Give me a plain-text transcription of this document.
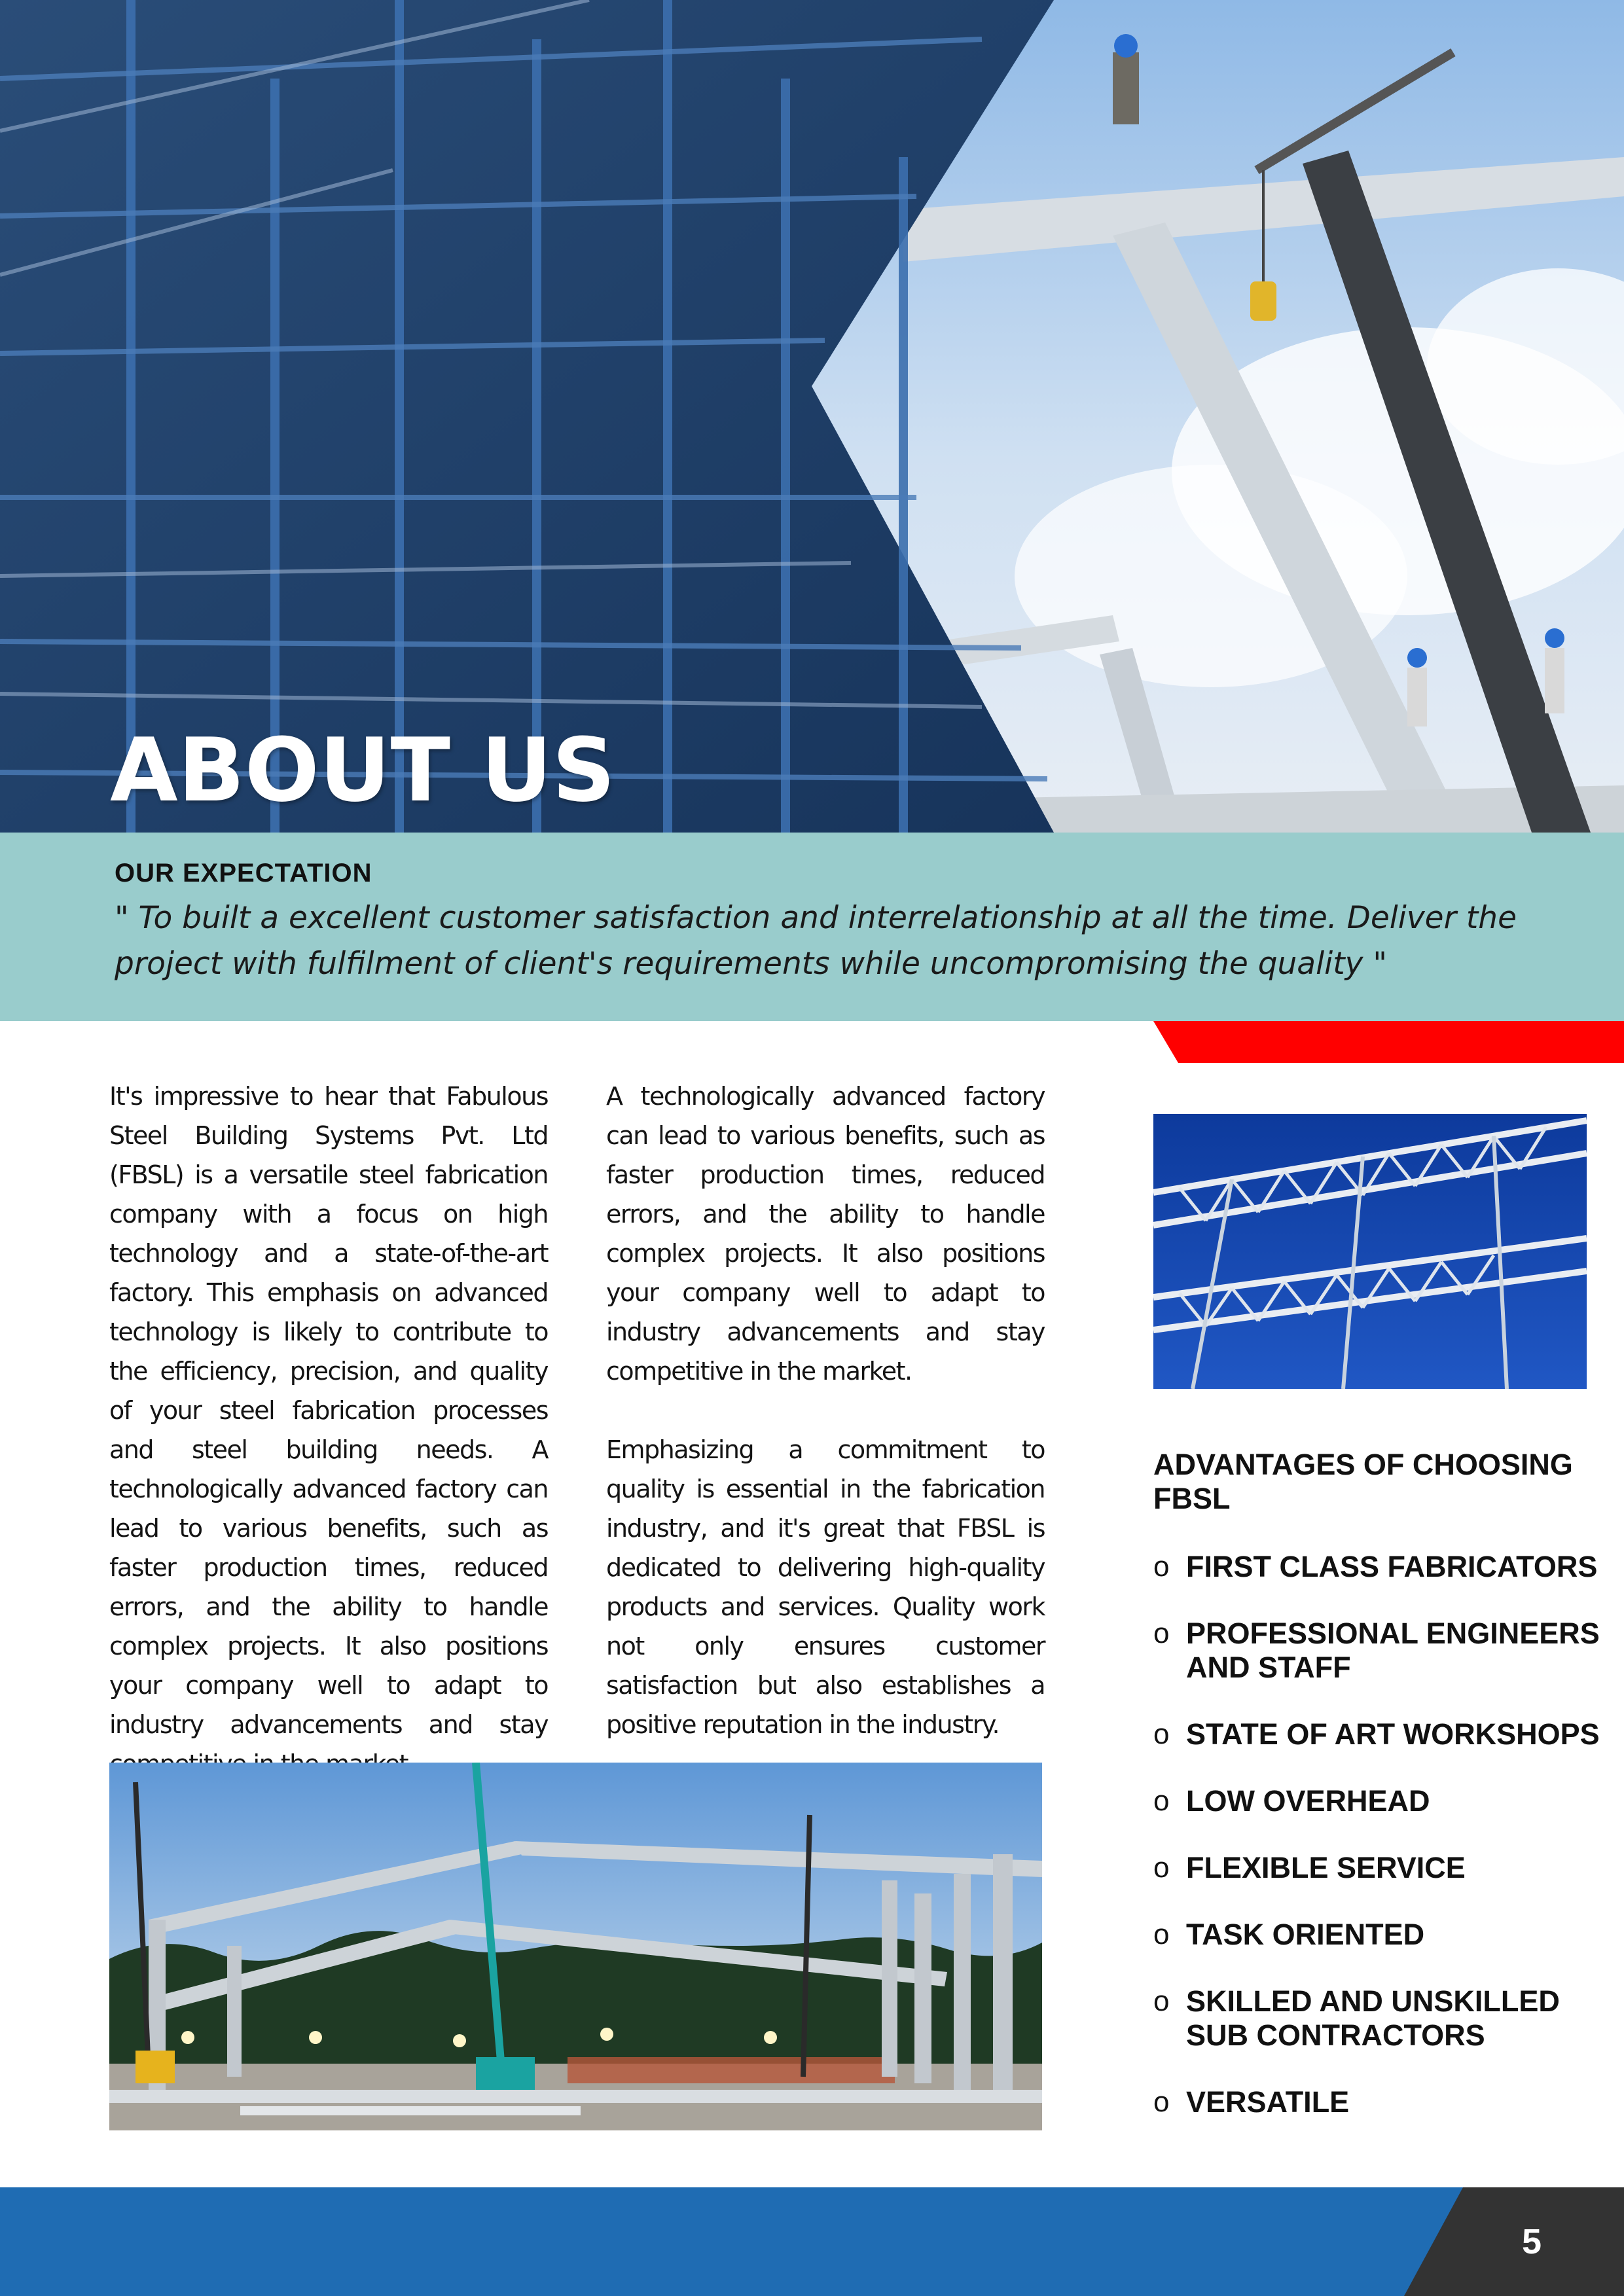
ABOUT US
OUR EXPECTATION

" To built a excellent customer satisfaction and interrelationship at all the time. Deliver the project with fulfilment of client's requirements while uncompromising the quality "

It's impressive to hear that Fabulous Steel Building Systems Pvt. Ltd (FBSL) is a versatile steel fabrication company with a focus on high technology and a state-of-the-art factory. This emphasis on advanced technology is likely to contribute to the efficiency, precision, and quality of your steel fabrication processes and steel building needs. A technologically advanced factory can lead to various benefits, such as faster production times, reduced errors, and the ability to handle complex projects. It also positions your company well to adapt to industry advancements and stay

A technologically advanced factory can lead to various benefits, such as faster production times, reduced errors, and the ability to handle complex projects. It also positions your company well to adapt to industry advancements and stay competitive in the market.

Emphasizing a commitment to quality is essential in the fabrication industry, and it's great that FBSL is dedicated to delivering high-quality products and services. Quality work not only ensures customer satisfaction but also establishes a positive reputation in the industry.

ADVANTAGES OF CHOOSING FBSL
o FIRST CLASS FABRICATORS
o PROFESSIONAL ENGINEERS AND STAFF
o STATE OF ART WORKSHOPS
o LOW OVERHEAD
o FLEXIBLE SERVICE
o TASK ORIENTED
o SKILLED AND UNSKILLED SUB CONTRACTORS
o VERSATILE
5
